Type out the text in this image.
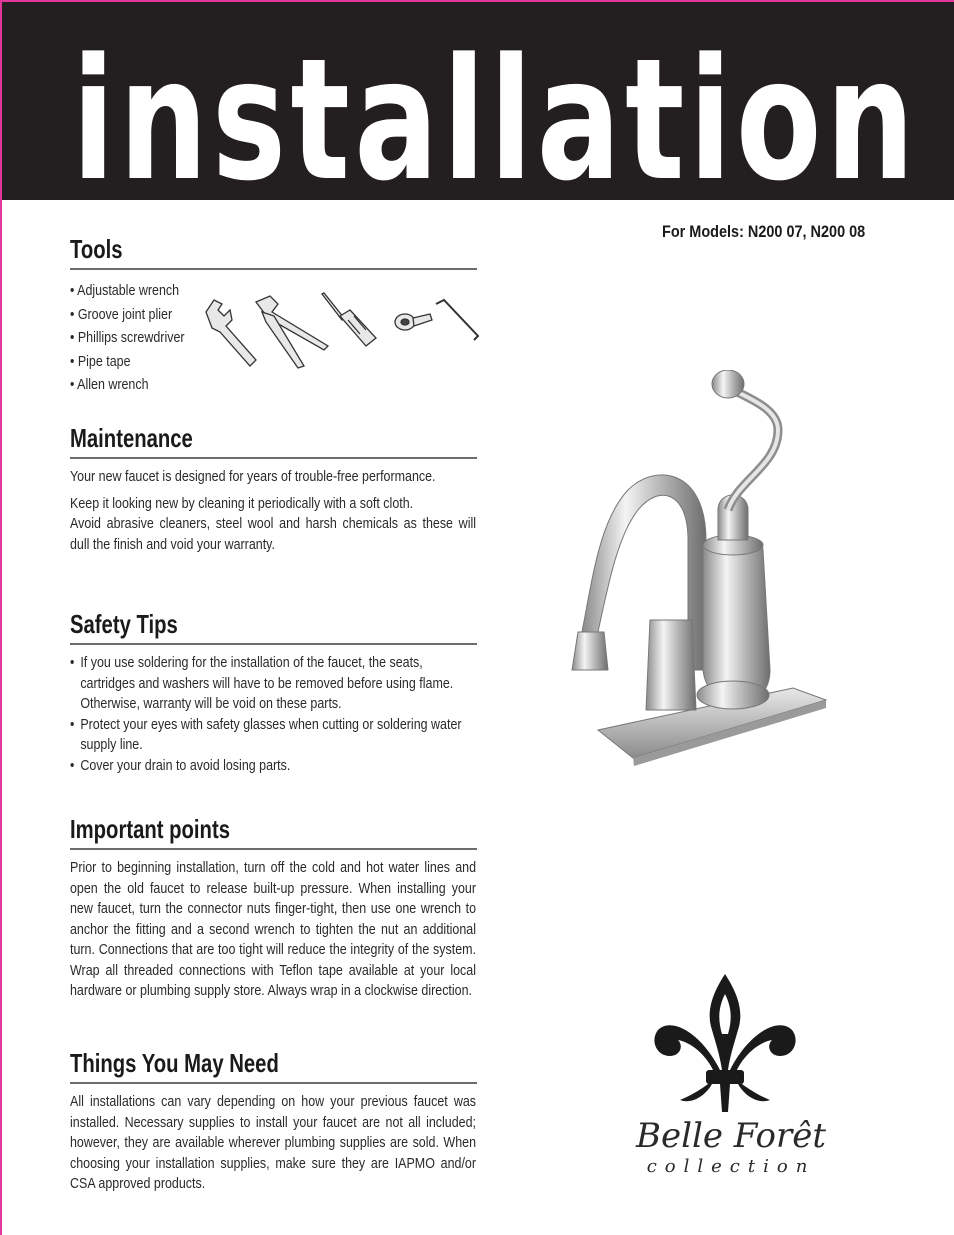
installation
For Models: N200 07, N200 08
Tools
• Adjustable wrench
• Groove joint plier
• Phillips screwdriver
• Pipe tape
• Allen wrench
Maintenance

Your new faucet is designed for years of trouble-free performance.

Keep it looking new by cleaning it periodically with a soft cloth.

Avoid abrasive cleaners, steel wool and harsh chemicals as these will dull the finish and void your warranty.

Safety Tips
• If you use soldering for the installation of the faucet, the seats, cartridges and washers will have to be removed before using flame. Otherwise, warranty will be void on these parts.
• Protect your eyes with safety glasses when cutting or soldering water supply line.
• Cover your drain to avoid losing parts.
Important points

Prior to beginning installation, turn off the cold and hot water lines and open the old faucet to release built-up pressure. When installing your new faucet, turn the connector nuts finger-tight, then use one wrench to anchor the fitting and a second wrench to tighten the nut an additional turn. Connections that are too tight will reduce the integrity of the system. Wrap all threaded connections with Teflon tape available at your local hardware or plumbing supply store. Always wrap in a clockwise direction.

Things You May Need

All installations can vary depending on how your previous faucet was installed. Necessary supplies to install your faucet are not all included; however, they are available wherever plumbing supplies are sold. When choosing your installation supplies, make sure they are IAPMO and/or CSA approved products.

Belle Forêt
collection
